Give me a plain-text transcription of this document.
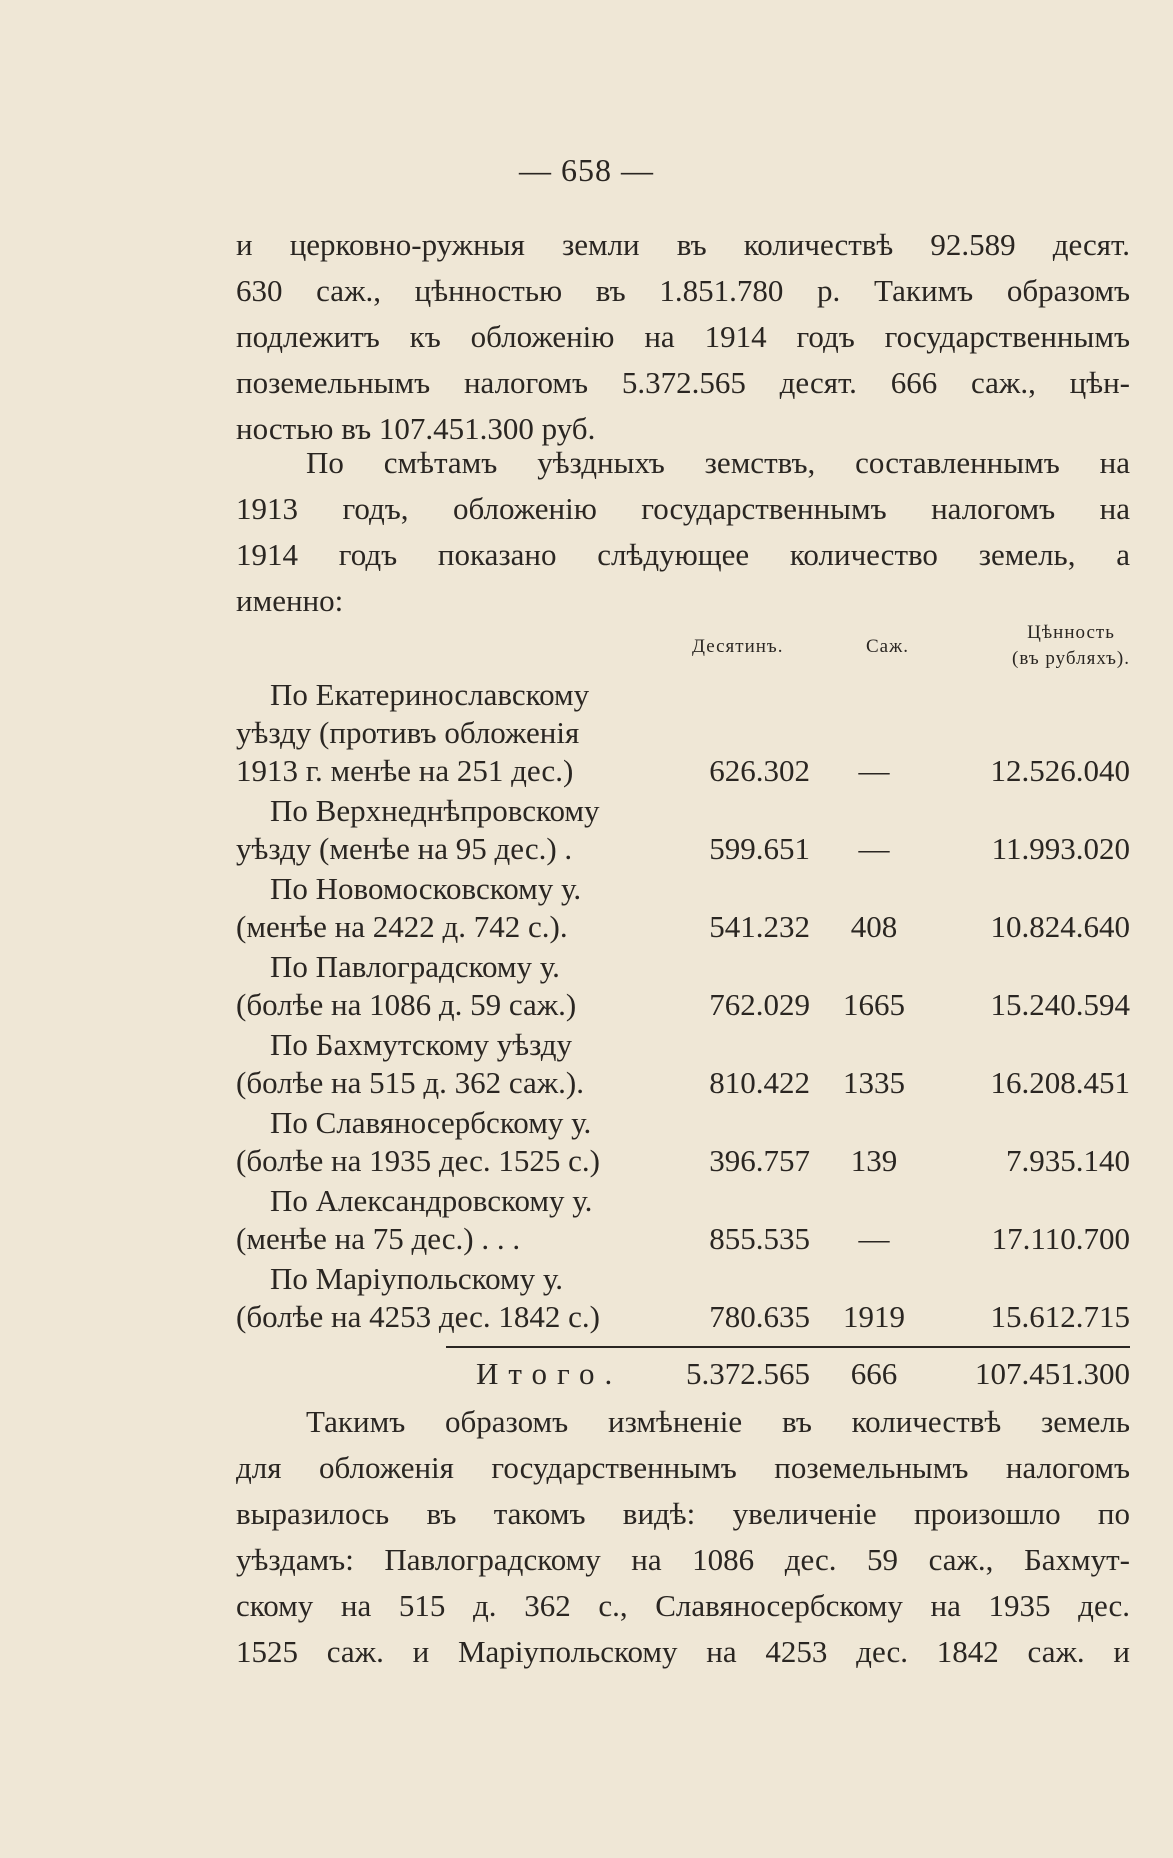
— 658 —
и церковно-ружныя земли въ количествѣ 92.589 десят.
630 саж., цѣнностью въ 1.851.780 р. Такимъ образомъ
подлежитъ къ обложенію на 1914 годъ государственнымъ
поземельнымъ налогомъ 5.372.565 десят. 666 саж., цѣн-
ностью въ 107.451.300 руб.
По смѣтамъ уѣздныхъ земствъ, составленнымъ на
1913 годъ, обложенію государственнымъ налогомъ на
1914 годъ показано слѣдующее количество земель, а
именно:
Десятинъ.	Саж.
Цѣнность
(въ рубляхъ).
По Екатеринославскому
уѣзду (противъ обложенія
1913 г. менѣе на 251 дес.)	626.302	—	12.526.040
По Верхнеднѣпровскому
уѣзду (менѣе на 95 дес.) .	599.651	—	11.993.020
По Новомосковскому у.
(менѣе на 2422 д. 742 с.).	541.232	408	10.824.640
По Павлоградскому у.
(болѣе на 1086 д. 59 саж.)	762.029 1665	15.240.594
По Бахмутскому уѣзду
(болѣе на 515 д. 362 саж.).	810.422 1335	16.208.451
По Славяносербскому у.
(болѣе на 1935 дес. 1525 с.)	396.757	139	7.935.140
По Александровскому у.
(менѣе на 75 дес.) . . .	855.535	—	17.110.700
По Маріупольскому у.
(болѣе на 4253 дес. 1842 с.)	780.635 1919	15.612.715
Итого. 5.372.565	666	107.451.300
Такимъ образомъ измѣненіе въ количествѣ земель
для обложенія государственнымъ поземельнымъ налогомъ
выразилось въ такомъ видѣ: увеличеніе произошло по
уѣздамъ: Павлоградскому на 1086 дес. 59 саж., Бахмут-
скому на 515 д. 362 с., Славяносербскому на 1935 дес.
1525 саж. и Маріупольскому на 4253 дес. 1842 саж. и
